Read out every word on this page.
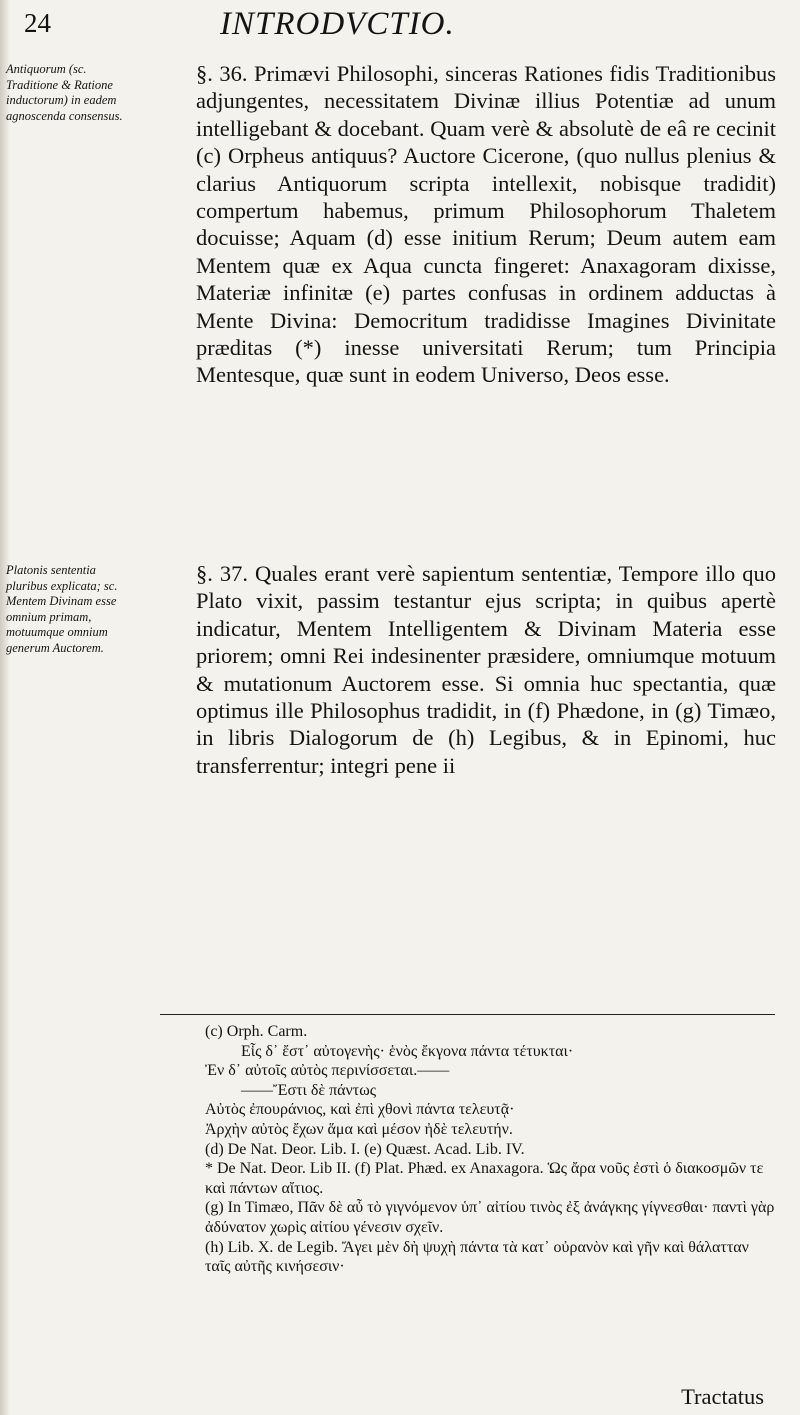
24	INTRODVCTIO.
Antiquorum (sc. Traditione & Ratione inductorum) in eadem agnoscenda consensus.
Platonis sententia pluribus explicata; sc. Mentem Divinam esse omnium primam, motuumque omnium generum Auctorem.

§. 36. Primævi Philosophi, sinceras Rationes fidis Traditionibus adjungentes, necessitatem Divinæ illius Potentiæ ad unum intelligebant & docebant. Quam verè & absolutè de eâ re cecinit (c) Orpheus antiquus? Auctore Cicerone, (quo nullus plenius & clarius Antiquorum scripta intellexit, nobisque tradidit) compertum habemus, primum Philosophorum Thaletem docuisse; Aquam (d) esse initium Rerum; Deum autem eam Mentem quæ ex Aqua cuncta fingeret: Anaxagoram dixisse, Materiæ infinitæ (e) partes confusas in ordinem adductas à Mente Divina: Democritum tradidisse Imagines Divinitate præditas (*) inesse universitati Rerum; tum Principia Mentesque, quæ sunt in eodem Universo, Deos esse.

§. 37. Quales erant verè sapientum sententiæ, Tempore illo quo Plato vixit, passim testantur ejus scripta; in quibus apertè indicatur, Mentem Intelligentem & Divinam Materia esse priorem; omni Rei indesinenter præsidere, omniumque motuum & mutationum Auctorem esse. Si omnia huc spectantia, quæ optimus ille Philosophus tradidit, in (f) Phædone, in (g) Timæo, in libris Dialogorum de (h) Legibus, & in Epinomi, huc transferrentur; integri pene ii

(c) Orph. Carm.

Εἷς δ᾽ ἔστ᾽ αὐτογενὴς· ἑνὸς ἔκγονα πάντα τέτυκται·

Ἐν δ᾽ αὐτοῖς αὐτὸς περινίσσεται.——

——Ἔστι δὲ πάντως

Αὐτὸς ἐπουράνιος, καὶ ἐπὶ χθονὶ πάντα τελευτᾷ·

Ἀρχὴν αὐτὸς ἔχων ἅμα καὶ μέσον ἠδὲ τελευτήν.

(d) De Nat. Deor. Lib. I. (e) Quæst. Acad. Lib. IV.

* De Nat. Deor. Lib II. (f) Plat. Phæd. ex Anaxagora. Ὡς ἄρα νοῦς ἐστὶ ὁ διακοσμῶν τε καὶ πάντων αἴτιος.

(g) In Timæo, Πᾶν δὲ αὖ τὸ γιγνόμενον ὑπ᾽ αἰτίου τινὸς ἐξ ἀνάγκης γίγνεσθαι· παντὶ γὰρ ἀδύνατον χωρὶς αἰτίου γένεσιν σχεῖν.

(h) Lib. X. de Legib. Ἄγει μὲν δὴ ψυχὴ πάντα τὰ κατ᾽ οὐρανὸν καὶ γῆν καὶ θάλατταν ταῖς αὐτῆς κινήσεσιν·

Tractatus
